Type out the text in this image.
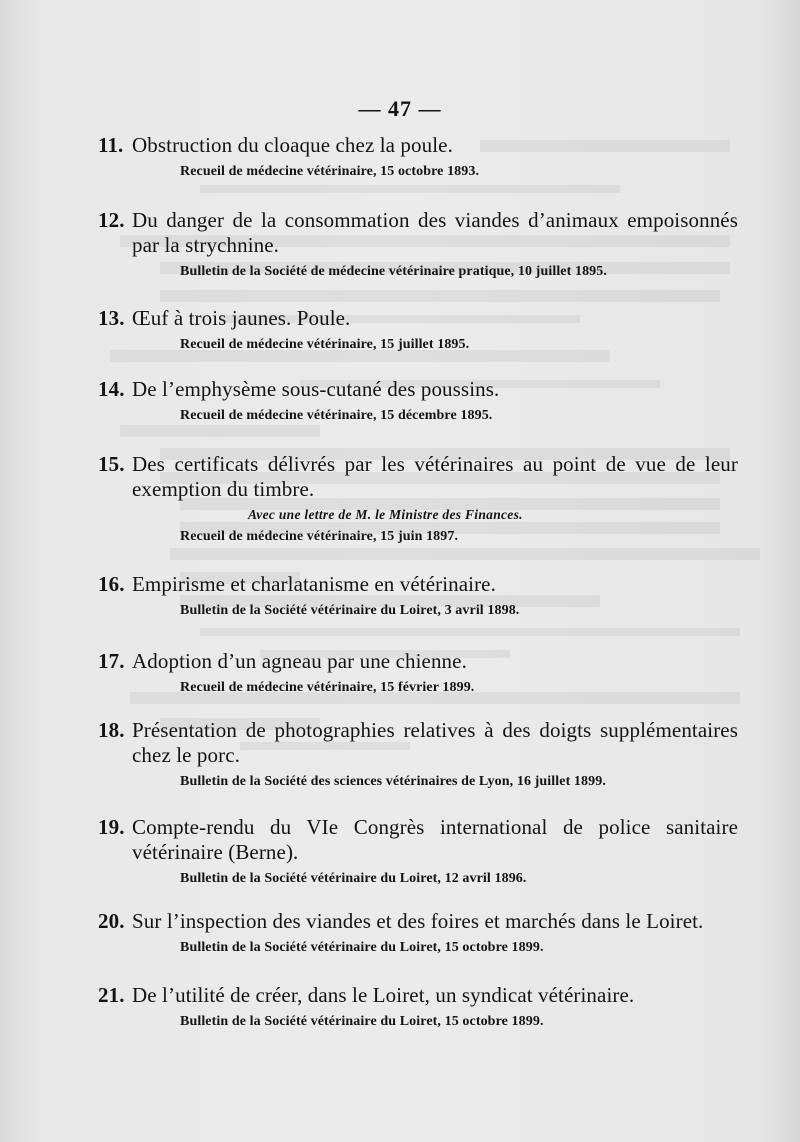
— 47 —
11. Obstruction du cloaque chez la poule.
Recueil de médecine vétérinaire, 15 octobre 1893.
12. Du danger de la consommation des viandes d’animaux empoisonnés par la strychnine.
Bulletin de la Société de médecine vétérinaire pratique, 10 juillet 1895.
13. Œuf à trois jaunes. Poule.
Recueil de médecine vétérinaire, 15 juillet 1895.
14. De l’emphysème sous-cutané des poussins.
Recueil de médecine vétérinaire, 15 décembre 1895.
15. Des certificats délivrés par les vétérinaires au point de vue de leur exemption du timbre.
Avec une lettre de M. le Ministre des Finances.
Recueil de médecine vétérinaire, 15 juin 1897.
16. Empirisme et charlatanisme en vétérinaire.
Bulletin de la Société vétérinaire du Loiret, 3 avril 1898.
17. Adoption d’un agneau par une chienne.
Recueil de médecine vétérinaire, 15 février 1899.
18. Présentation de photographies relatives à des doigts supplémentaires chez le porc.
Bulletin de la Société des sciences vétérinaires de Lyon, 16 juillet 1899.
19. Compte-rendu du VIe Congrès international de police sanitaire vétérinaire (Berne).
Bulletin de la Société vétérinaire du Loiret, 12 avril 1896.
20. Sur l’inspection des viandes et des foires et marchés dans le Loiret.
Bulletin de la Société vétérinaire du Loiret, 15 octobre 1899.
21. De l’utilité de créer, dans le Loiret, un syndicat vétérinaire.
Bulletin de la Société vétérinaire du Loiret, 15 octobre 1899.
